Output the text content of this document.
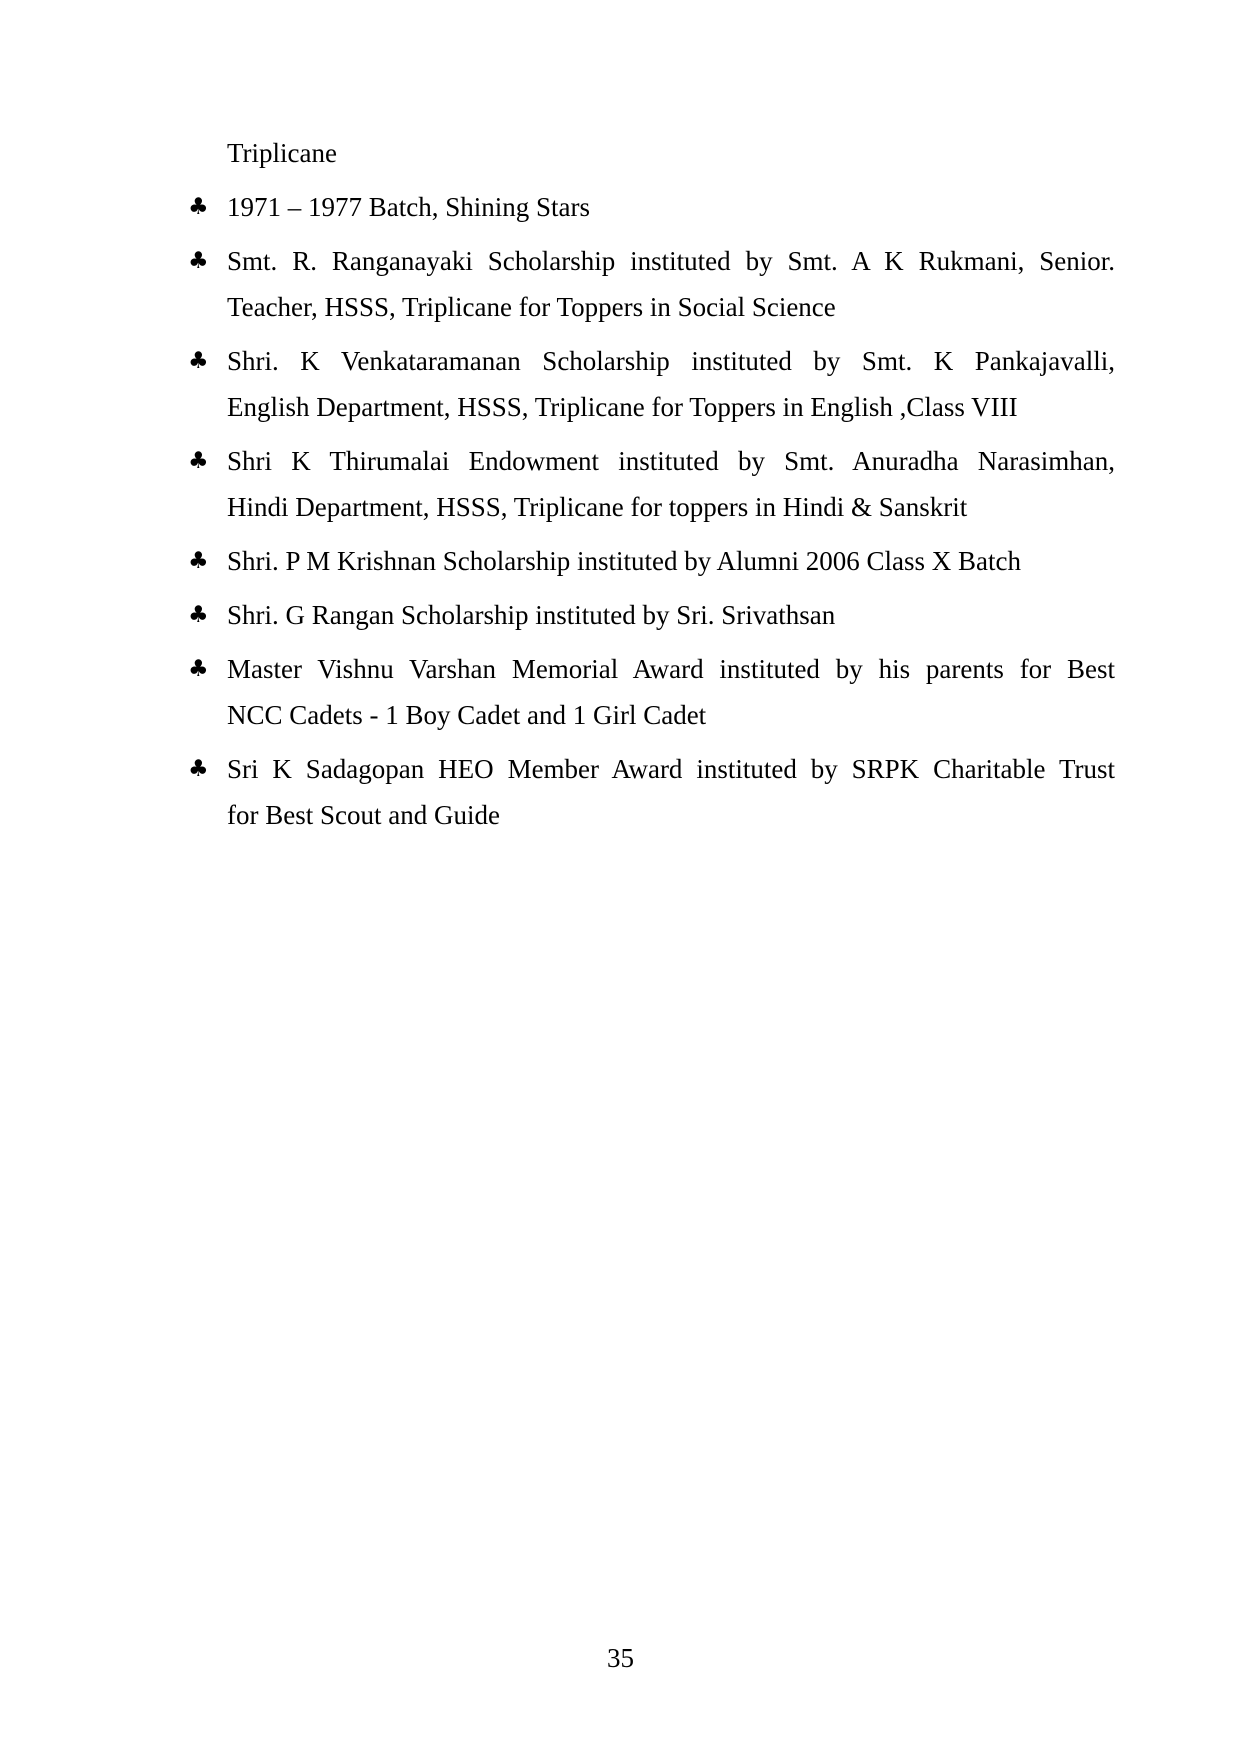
Triplicane

♣ 1971 – 1977 Batch, Shining Stars
♣ Smt. R. Ranganayaki Scholarship instituted by Smt. A K Rukmani, Senior.
Teacher, HSSS, Triplicane for Toppers in Social Science
♣ Shri. K Venkataramanan Scholarship instituted by Smt. K Pankajavalli,
English Department, HSSS, Triplicane for Toppers in English ,Class VIII
♣ Shri K Thirumalai Endowment instituted by Smt. Anuradha Narasimhan,
Hindi Department, HSSS, Triplicane for toppers in Hindi & Sanskrit
♣ Shri. P M Krishnan Scholarship instituted by Alumni 2006 Class X Batch
♣ Shri. G Rangan Scholarship instituted by Sri. Srivathsan
♣ Master Vishnu Varshan Memorial Award instituted by his parents for Best
NCC Cadets - 1 Boy Cadet and 1 Girl Cadet
♣ Sri K Sadagopan HEO Member Award instituted by SRPK Charitable Trust
for Best Scout and Guide
35
